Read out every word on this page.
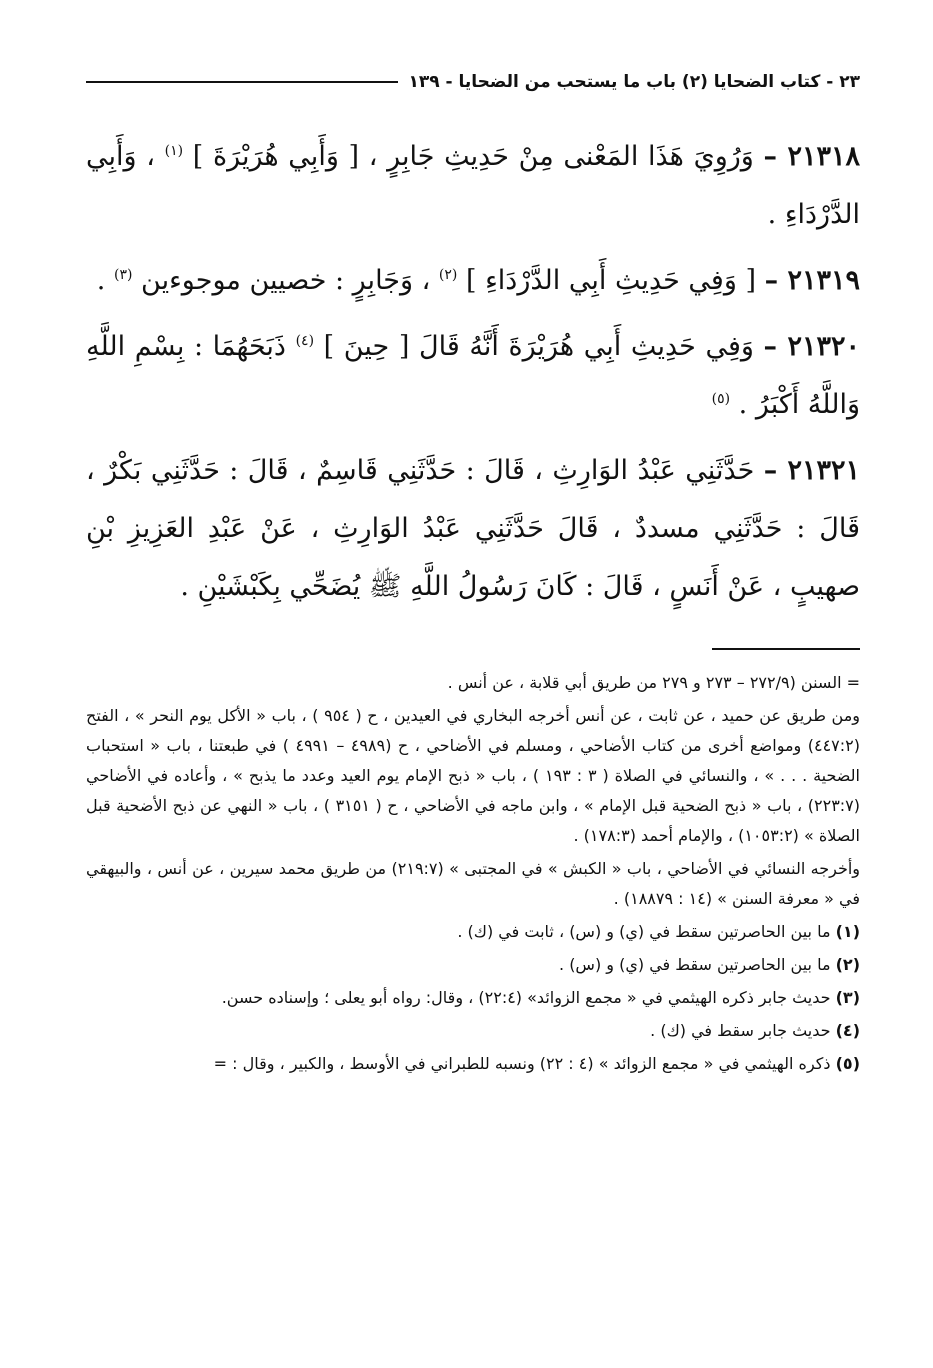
٢٣ - كتاب الضحايا (٢) باب ما يستحب من الضحايا - ١٣٩

٢١٣١٨ – وَرُوِيَ هَذَا المَعْنى مِنْ حَدِيثِ جَابِرٍ ، [ وَأَبِي هُرَيْرَةَ ] $^{(١)}$ ، وَأَبِي الدَّرْدَاءِ .

٢١٣١٩ – [ وَفِي حَدِيثِ أَبِي الدَّرْدَاءِ ] $^{(٢)}$ ، وَجَابِرٍ : خصيين موجوءين $^{(٣)}$ .

٢١٣٢٠ – وَفِي حَدِيثِ أَبِي هُرَيْرَةَ أَنَّهُ قَالَ [ حِينَ ] $^{(٤)}$ ذَبَحَهُمَا : بِسْمِ اللَّهِ وَاللَّهُ أَكْبَرُ . $^{(٥)}$

٢١٣٢١ – حَدَّثَنِي عَبْدُ الوَارِثِ ، قَالَ : حَدَّثَنِي قَاسِمٌ ، قَالَ : حَدَّثَنِي بَكْرٌ ، قَالَ : حَدَّثَنِي مسددٌ ، قَالَ حَدَّثَنِي عَبْدُ الوَارِثِ ، عَنْ عَبْدِ العَزِيزِ بْنِ صهيبٍ ، عَنْ أَنَسٍ ، قَالَ : كَانَ رَسُولُ اللَّهِ ﷺ يُضَحِّي بِكَبْشَيْنِ .

= السنن (٢٧٢/٩ – ٢٧٣ و ٢٧٩ من طريق أبي قلابة ، عن أنس .

ومن طريق عن حميد ، عن ثابت ، عن أنس أخرجه البخاري في العيدين ، ح ( ٩٥٤ ) ، باب « الأكل يوم النحر » ، الفتح (٤٤٧:٢) ومواضع أخرى من كتاب الأضاحي ، ومسلم في الأضاحي ، ح (٤٩٨٩ – ٤٩٩١ ) في طبعتنا ، باب « استحباب الضحية . . . » ، والنسائي في الصلاة ( ٣ : ١٩٣ ) ، باب « ذبح الإمام يوم العيد وعدد ما يذبح » ، وأعاده في الأضاحي (٢٢٣:٧) ، باب « ذبح الضحية قبل الإمام » ، وابن ماجه في الأضاحي ، ح ( ٣١٥١ ) ، باب « النهي عن ذبح الأضحية قبل الصلاة » (١٠٥٣:٢) ، والإمام أحمد (١٧٨:٣) .

وأخرجه النسائي في الأضاحي ، باب « الكبش » في المجتبى » (٢١٩:٧) من طريق محمد سيرين ، عن أنس ، والبيهقي في « معرفة السنن » (١٤ : ١٨٨٧٩) .

(١) ما بين الحاصرتين سقط في (ي) و (س) ، ثابت في (ك) .

(٢) ما بين الحاصرتين سقط في (ي) و (س) .

(٣) حديث جابر ذكره الهيثمي في « مجمع الزوائد» (٢٢:٤) ، وقال: رواه أبو يعلى ؛ وإسناده حسن.

(٤) حديث جابر سقط في (ك) .

(٥) ذكره الهيثمي في « مجمع الزوائد » (٤ : ٢٢) ونسبه للطبراني في الأوسط ، والكبير ، وقال : =
